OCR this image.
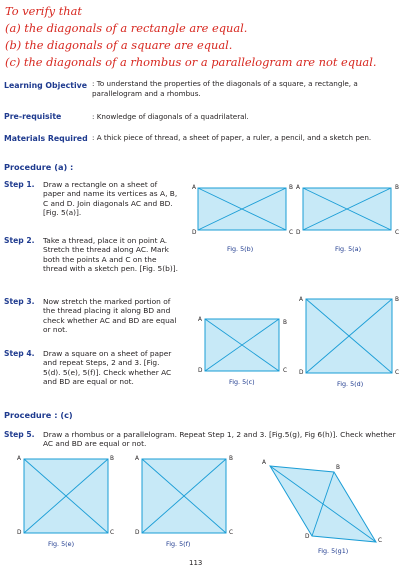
To verify that
(a) the diagonals of a rectangle are equal.
(b) the diagonals of a square are equal.
(c) the diagonals of a rhombus or a parallelogram are not equal.
Learning Objective : To understand the properties of the diagonals of a square, a rectangle, a parallelogram and a rhombus.
Pre-requisite	: Knowledge of diagonals of a quadrilateral.
Materials Required : A thick piece of thread, a sheet of paper, a ruler, a pencil, and a sketch pen.
Procedure (a) :
Step 1. Draw a rectangle on a sheet of paper and name its vertices as A, B, C and D. Join diagonals AC and BD. [Fig. 5(a)].
Step 2. Take a thread, place it on point A. Stretch the thread along AC. Mark both the points A and C on the thread with a sketch pen. [Fig. 5(b)].
Step 3. Now stretch the marked portion of the thread placing it along BD and check whether AC and BD are equal or not.
Step 4. Draw a square on a sheet of paper and repeat Steps, 2 and 3. [Fig. 5(d). 5(e), 5(f)]. Check whether AC and BD are equal or not.
Procedure : (c)
Step 5. Draw a rhombus or a parallelogram. Repeat Step 1, 2 and 3. [Fig.5(g), Fig 6(h)]. Check whether AC and BD are equal or not.
A	B
C
D
Fig. 5(b)
A	B
C
D
Fig. 5(a)
A	B
C
D
Fig. 5(c)
A	B
C
D
Fig. 5(d)
A	B
C
D
Fig. 5(e)
A	B
C
D
Fig. 5(f)
A
B
C
D
Fig. 5(g1)
113
